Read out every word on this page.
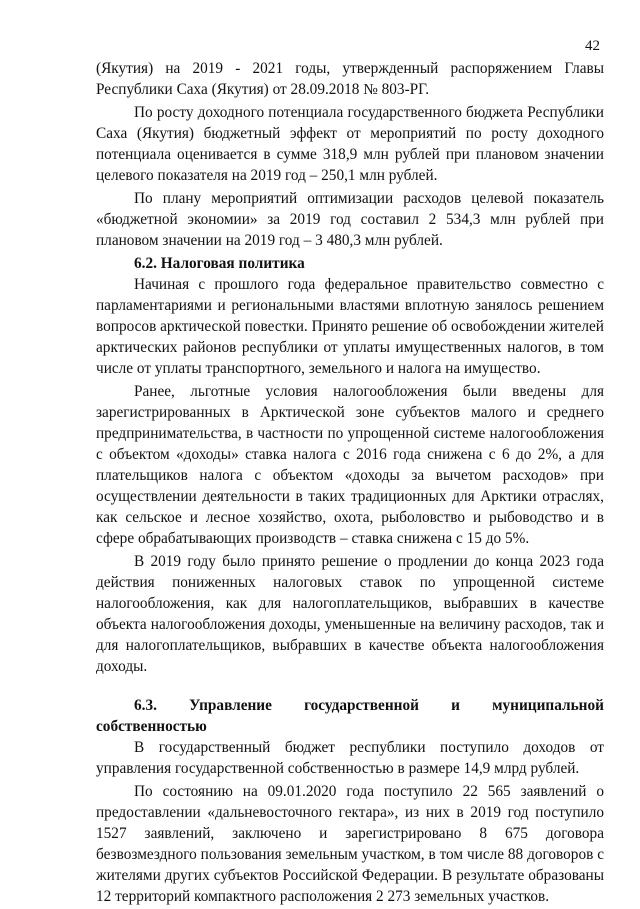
42

(Якутия) на 2019 - 2021 годы, утвержденный распоряжением Главы Республики Саха (Якутия) от 28.09.2018 № 803-РГ.

По росту доходного потенциала государственного бюджета Республики Саха (Якутия) бюджетный эффект от мероприятий по росту доходного потенциала оценивается в сумме 318,9 млн рублей при плановом значении целевого показателя на 2019 год – 250,1 млн рублей.

По плану мероприятий оптимизации расходов целевой показатель «бюджетной экономии» за 2019 год составил 2 534,3 млн рублей при плановом значении на 2019 год – 3 480,3 млн рублей.

6.2. Налоговая политика

Начиная с прошлого года федеральное правительство совместно с парламентариями и региональными властями вплотную занялось решением вопросов арктической повестки. Принято решение об освобождении жителей арктических районов республики от уплаты имущественных налогов, в том числе от уплаты транспортного, земельного и налога на имущество.

Ранее, льготные условия налогообложения были введены для зарегистрированных в Арктической зоне субъектов малого и среднего предпринимательства, в частности по упрощенной системе налогообложения с объектом «доходы» ставка налога с 2016 года снижена с 6 до 2%, а для плательщиков налога с объектом «доходы за вычетом расходов» при осуществлении деятельности в таких традиционных для Арктики отраслях, как сельское и лесное хозяйство, охота, рыболовство и рыбоводство и в сфере обрабатывающих производств – ставка снижена с 15 до 5%.

В 2019 году было принято решение о продлении до конца 2023 года действия пониженных налоговых ставок по упрощенной системе налогообложения, как для налогоплательщиков, выбравших в качестве объекта налогообложения доходы, уменьшенные на величину расходов, так и для налогоплательщиков, выбравших в качестве объекта налогообложения доходы.

6.3. Управление государственной и муниципальной
собственностью

В государственный бюджет республики поступило доходов от управления государственной собственностью в размере 14,9 млрд рублей.

По состоянию на 09.01.2020 года поступило 22 565 заявлений о предоставлении «дальневосточного гектара», из них в 2019 год поступило 1527 заявлений, заключено и зарегистрировано 8 675 договора безвозмездного пользования земельным участком, в том числе 88 договоров с жителями других субъектов Российской Федерации. В результате образованы 12 территорий компактного расположения 2 273 земельных участков.
